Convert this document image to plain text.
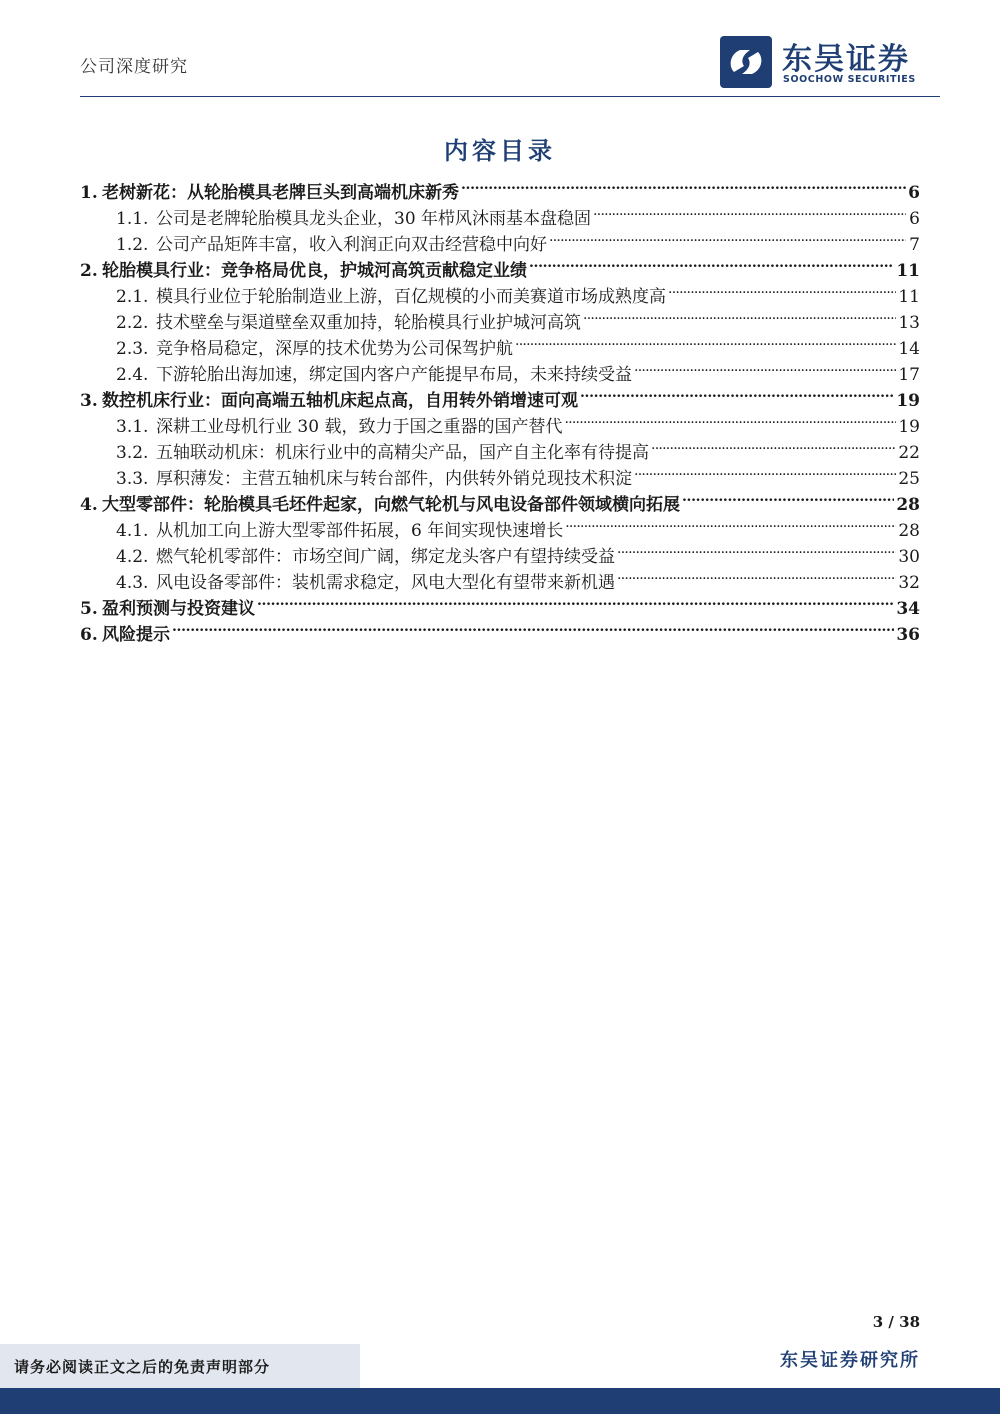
公司深度研究	东吴证券
SOOCHOW SECURITIES
内容目录
1. 老树新花：从轮胎模具老牌巨头到高端机床新秀 . . .	6
1.1. 公司是老牌轮胎模具龙头企业，30 年栉风沐雨基本盘稳固 . . .	6
1.2. 公司产品矩阵丰富，收入利润正向双击经营稳中向好 . . .	7
2. 轮胎模具行业：竞争格局优良，护城河高筑贡献稳定业绩 . . .	11
2.1. 模具行业位于轮胎制造业上游，百亿规模的小而美赛道市场成熟度高 . . .	11
2.2. 技术壁垒与渠道壁垒双重加持，轮胎模具行业护城河高筑 . . .	13
2.3. 竞争格局稳定，深厚的技术优势为公司保驾护航 . . .	14
2.4. 下游轮胎出海加速，绑定国内客户产能提早布局，未来持续受益 . . .	17
3. 数控机床行业：面向高端五轴机床起点高，自用转外销增速可观 . . .	19
3.1. 深耕工业母机行业 30 载，致力于国之重器的国产替代 . . .	19
3.2. 五轴联动机床：机床行业中的高精尖产品，国产自主化率有待提高 . . .	22
3.3. 厚积薄发：主营五轴机床与转台部件，内供转外销兑现技术积淀 . . .	25
4. 大型零部件：轮胎模具毛坯件起家，向燃气轮机与风电设备部件领域横向拓展 . . .	28
4.1. 从机加工向上游大型零部件拓展，6 年间实现快速增长 . . .	28
4.2. 燃气轮机零部件：市场空间广阔，绑定龙头客户有望持续受益 . . .	30
4.3. 风电设备零部件：装机需求稳定，风电大型化有望带来新机遇 . . .	32
5. 盈利预测与投资建议 . . .	34
6. 风险提示 . . .	36
3 / 38
东吴证券研究所
请务必阅读正文之后的免责声明部分
